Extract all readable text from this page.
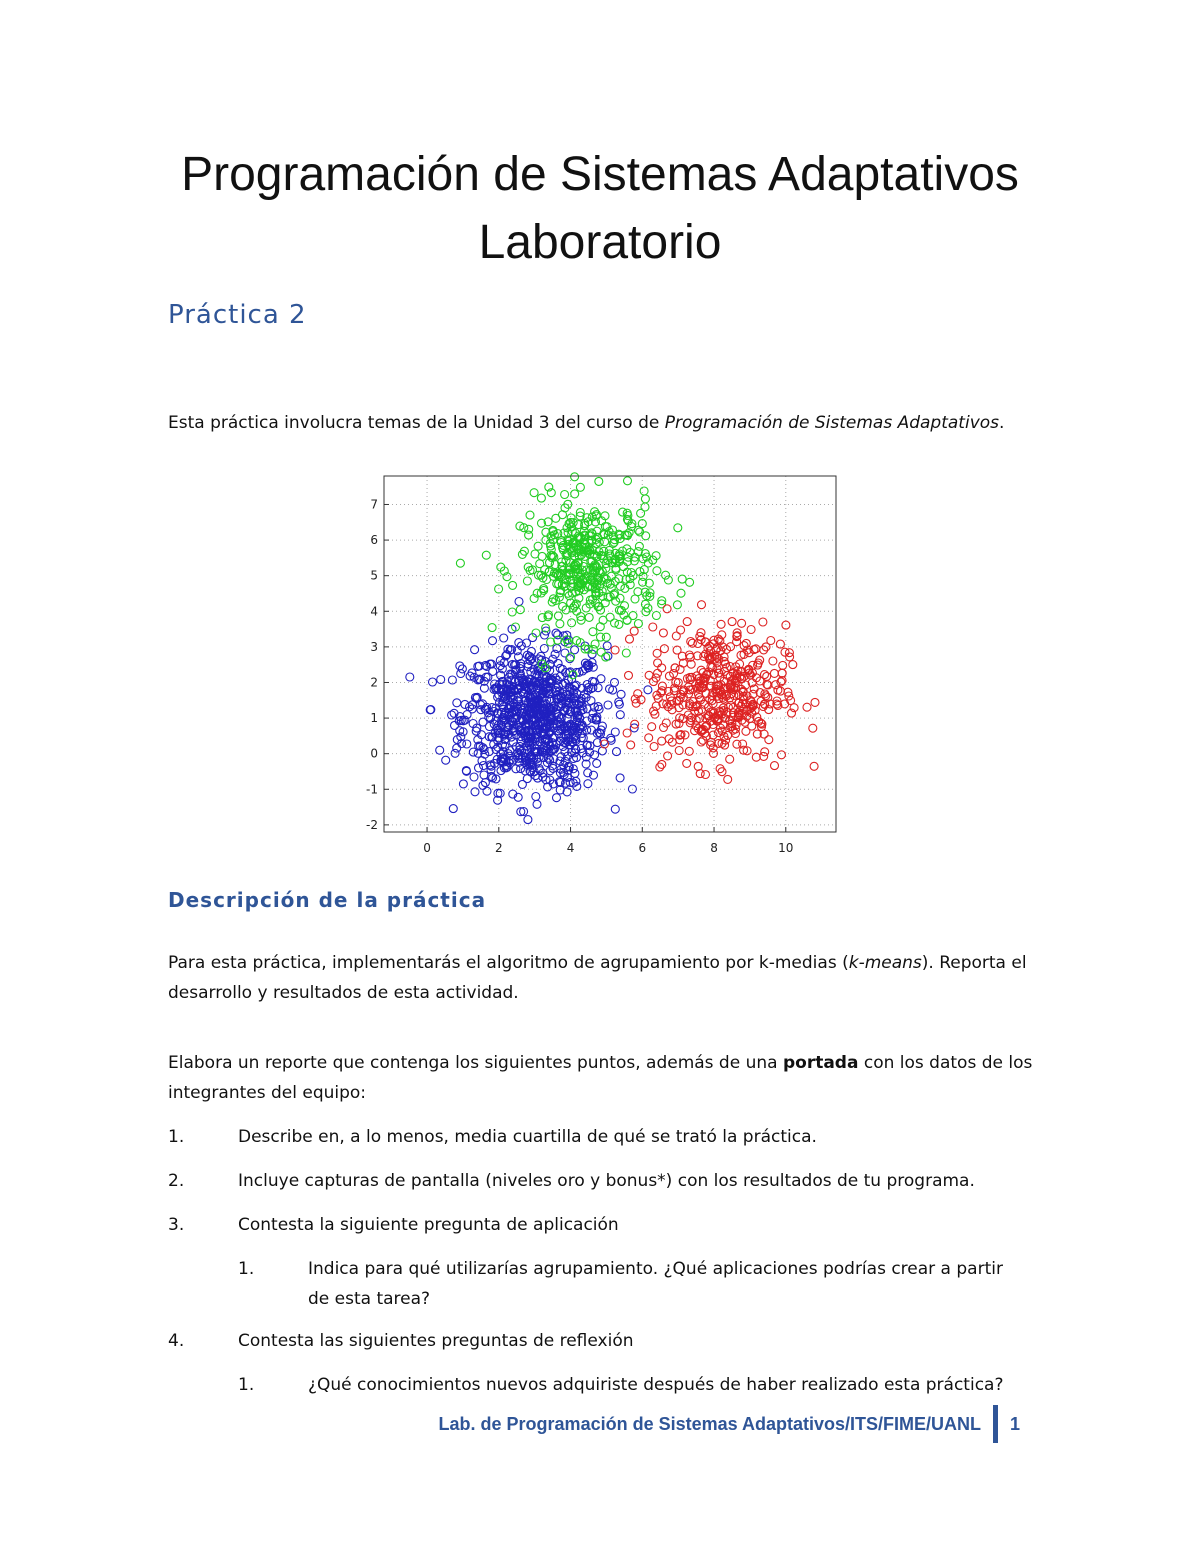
Programación de Sistemas Adaptativos
Laboratorio
Práctica 2

Esta práctica involucra temas de la Unidad 3 del curso de Programación de Sistemas Adaptativos.

0	2	4	6	8	10
-2
-1
0
1
2
3
4
5
6
7
Descripción de la práctica

Para esta práctica, implementarás el algoritmo de agrupamiento por k-medias (k-means). Reporta el desarrollo y resultados de esta actividad.

Elabora un reporte que contenga los siguientes puntos, además de una portada con los datos de los integrantes del equipo:

1.	Describe en, a lo menos, media cuartilla de qué se trató la práctica.
2.	Incluye capturas de pantalla (niveles oro y bonus*) con los resultados de tu programa.
3.	Contesta la siguiente pregunta de aplicación
1.	Indica para qué utilizarías agrupamiento. ¿Qué aplicaciones podrías crear a partir de esta tarea?
4.	Contesta las siguientes preguntas de reflexión
1.	¿Qué conocimientos nuevos adquiriste después de haber realizado esta práctica?
Lab. de Programación de Sistemas Adaptativos/ITS/FIME/UANL 1
